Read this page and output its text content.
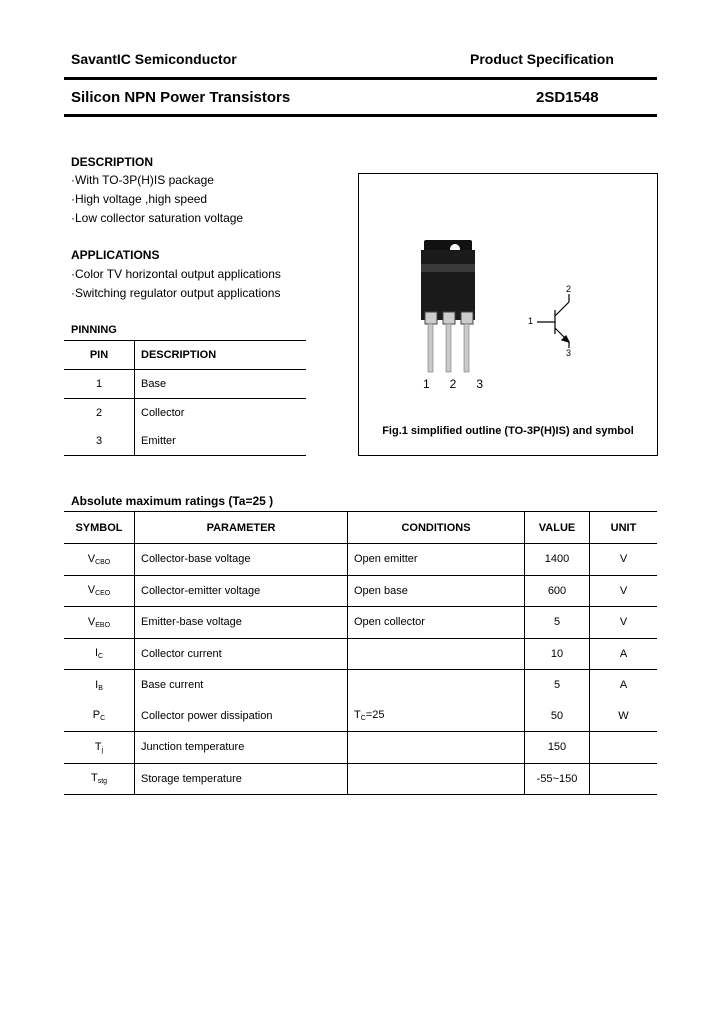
SavantIC Semiconductor	Product Specification
Silicon NPN Power Transistors	2SD1548
DESCRIPTION
·With TO-3P(H)IS package
·High voltage ,high speed
·Low collector saturation voltage
APPLICATIONS
·Color TV horizontal output applications
·Switching regulator output applications
PINNING
PIN	DESCRIPTION
1	Base
2	Collector
3	Emitter
1 2 3
1
2
3
Fig.1 simplified outline (TO-3P(H)IS) and symbol
Absolute maximum ratings (Ta=25 )
SYMBOL	PARAMETER	CONDITIONS	VALUE	UNIT
$V_{CBO}$	Collector-base voltage	Open emitter	1400	V
$V_{CEO}$	Collector-emitter voltage	Open base	600	V
$V_{EBO}$	Emitter-base voltage	Open collector	5	V
$I_C$	Collector current		10	A
$I_B$	Base current		5	A
$P_C$	Collector power dissipation	$T_C=25$	50	W
$T_j$	Junction temperature		150	
$T_{stg}$	Storage temperature		-55~150	
